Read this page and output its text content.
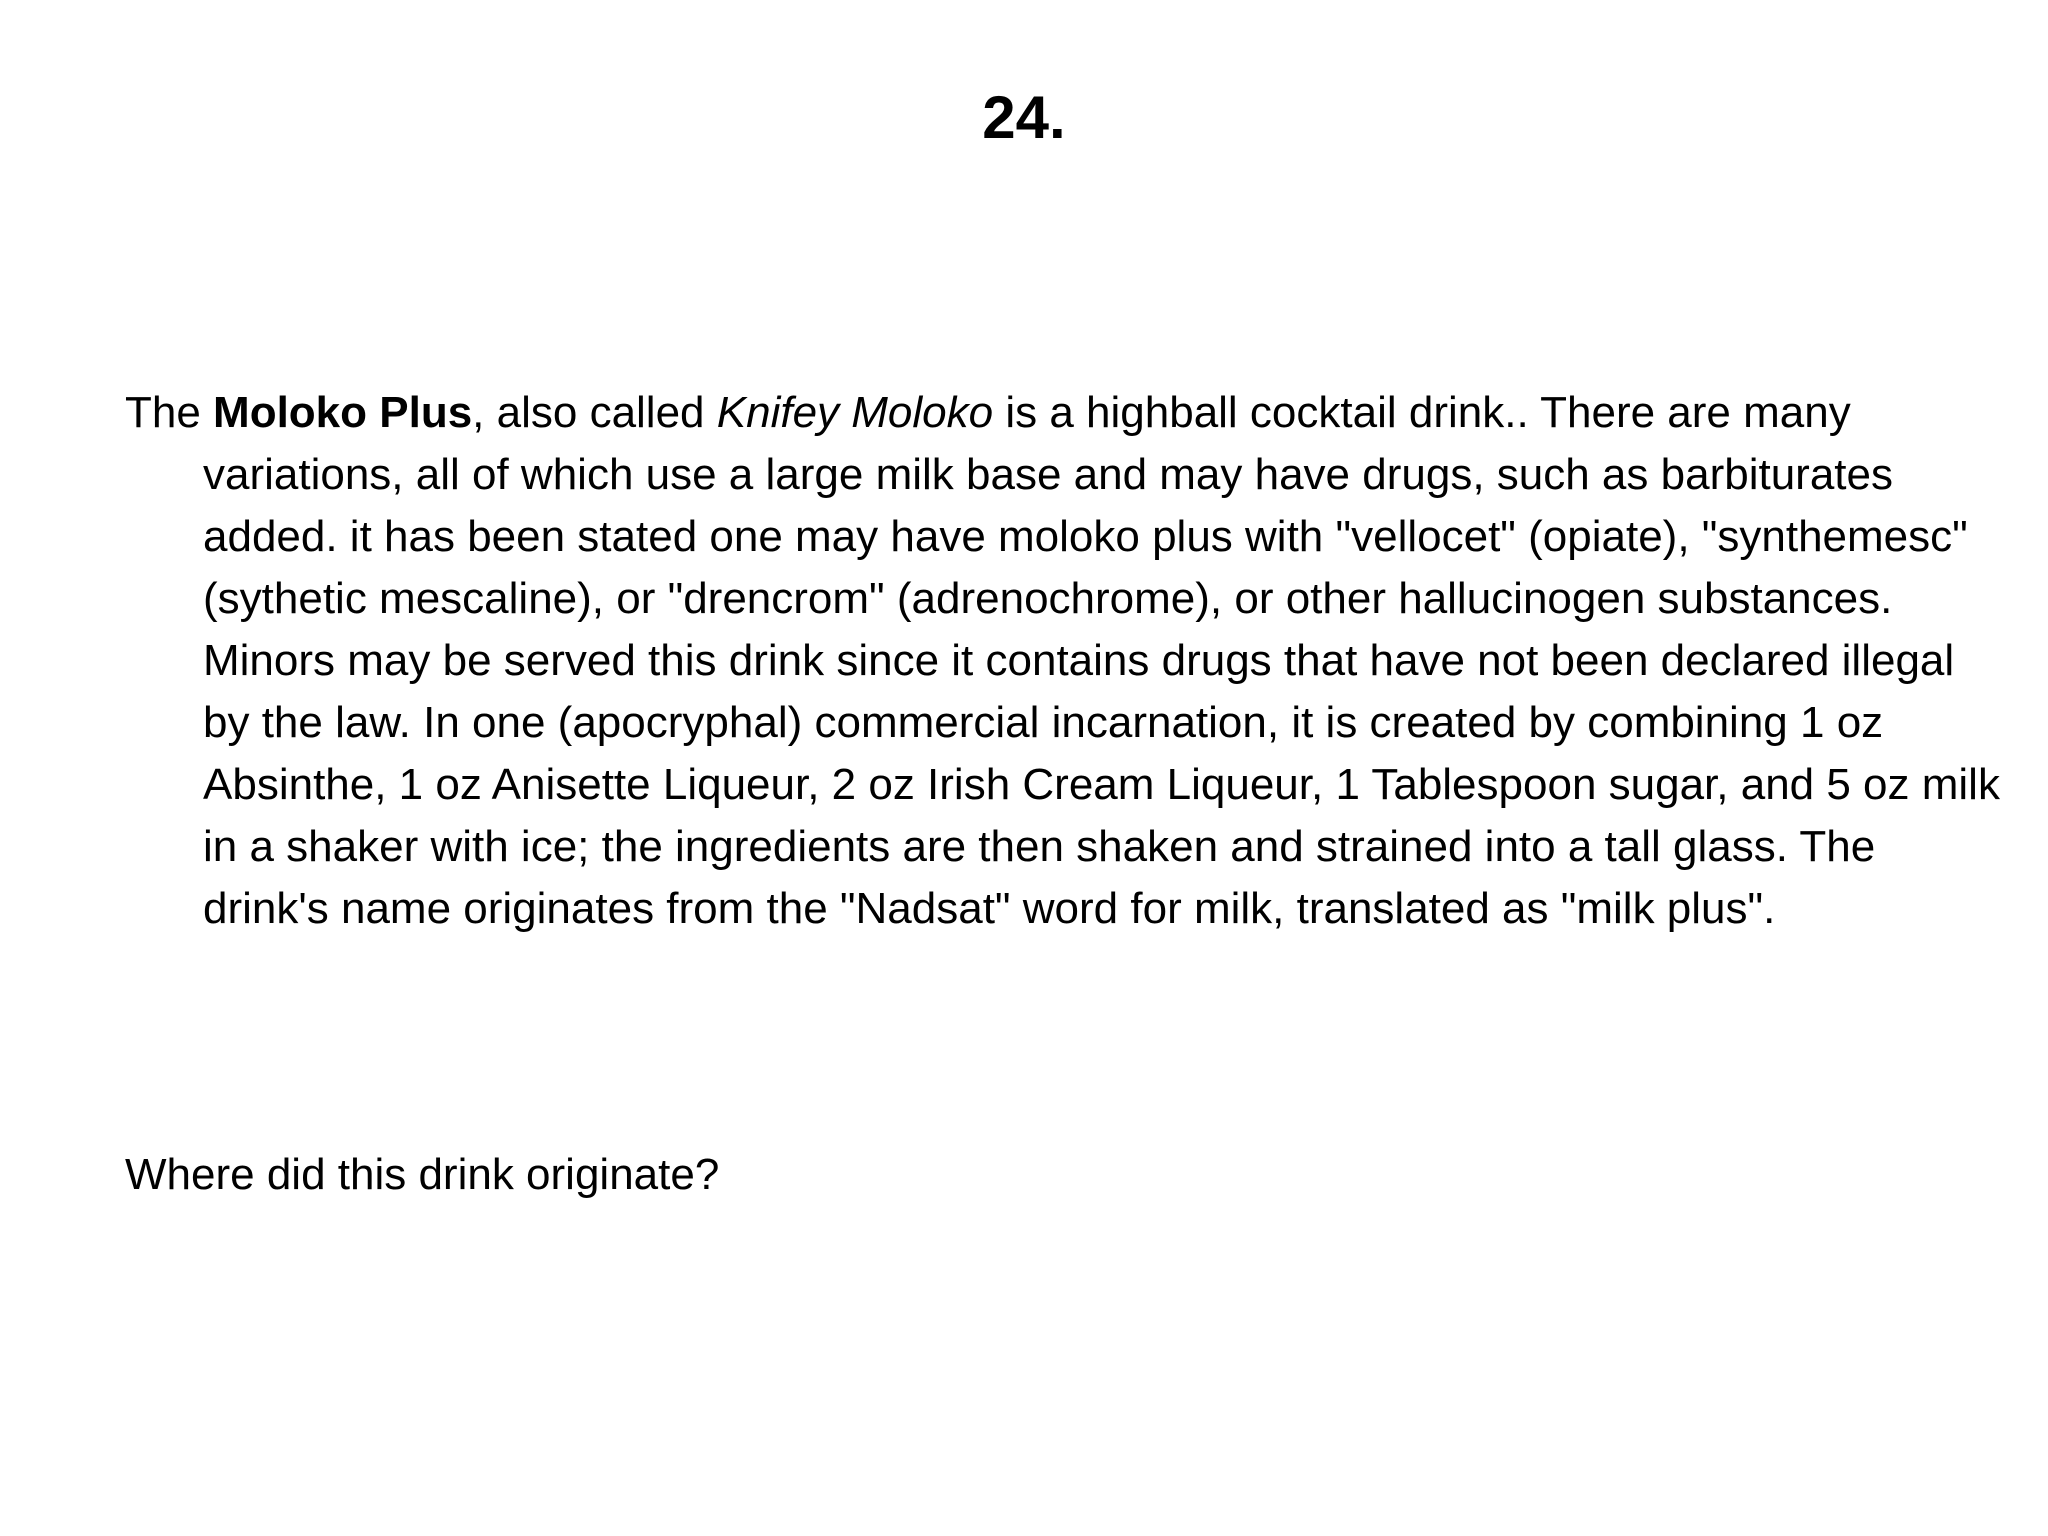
24.

The Moloko Plus, also called Knifey Moloko is a highball cocktail drink.. There are many variations, all of which use a large milk base and may have drugs, such as barbiturates added. it has been stated one may have moloko plus with "vellocet" (opiate), "synthemesc" (sythetic mescaline), or "drencrom" (adrenochrome), or other hallucinogen substances. Minors may be served this drink since it contains drugs that have not been declared illegal by the law. In one (apocryphal) commercial incarnation, it is created by combining 1 oz Absinthe, 1 oz Anisette Liqueur, 2 oz Irish Cream Liqueur, 1 Tablespoon sugar, and 5 oz milk in a shaker with ice; the ingredients are then shaken and strained into a tall glass. The drink's name originates from the "Nadsat" word for milk, translated as "milk plus".

Where did this drink originate?
